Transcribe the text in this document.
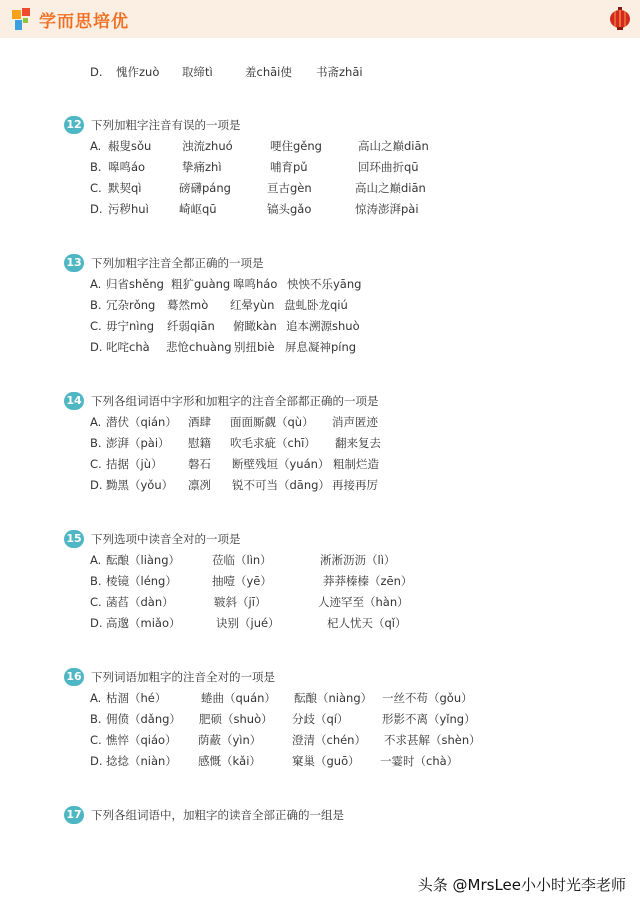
学而思培优
D. 愧作zuò 取缔tì	羞chāi使 书斋zhāi
12 下列加粗字注音有误的一项是
A. 赧叟sǒu	浊流zhuó	哽住gěng	高山之巅diān
B. 嗥鸣áo	挚痛zhì	哺育pǔ	回环曲折qū
C. 默契qì	磅礴páng	亘古gèn	高山之巅diān
D. 污秽huì	崎岖qū	镐头gǎo	惊涛澎湃pài
13 下列加粗字注音全都正确的一项是
A. 归省shěng 粗犷guàng 嗥鸣háo 怏怏不乐yāng
B. 冗杂rǒng 蓦然mò 红晕yùn 盘虬卧龙qiú
C. 毋宁nìng 纤弱qiān 俯瞰kàn 追本溯源shuò
D. 叱咤chà 悲怆chuàng 别扭biè 屏息凝神píng
14 下列各组词语中字形和加粗字的注音全部都正确的一项是
A. 潜伏（qián） 酒肆 面面厮觑（qù） 消声匿迹
B. 澎湃（pài） 慰籍 吹毛求疵（chī） 翻来复去
C. 拮据（jù） 磐石 断壁残垣（yuán） 粗制烂造
D. 黝黑（yǒu） 凛冽 锐不可当（dāng） 再接再厉
15 下列选项中读音全对的一项是
A. 酝酿（liàng）	莅临（lìn）	淅淅沥沥（lì）
B. 棱镜（léng）	抽噎（yē）	莽莽榛榛（zēn）
C. 菡萏（dàn）	皲斜（jī）	人迹罕至（hàn）
D. 高邈（miǎo）	诀别（jué）	杞人忧天（qǐ）
16 下列词语加粗字的注音全对的一项是
A. 枯涸（hé）	蜷曲（quán） 酝酿（niàng） 一丝不苟（gǒu）
B. 佣偾（dǎng） 肥硕（shuò） 分歧（qí）	形影不离（yǐng）
C. 憔悴（qiáo） 荫蔽（yìn）	澄清（chén） 不求甚解（shèn）
D. 捻捻（niàn） 感慨（kǎi）	窠巢（guō） 一霎时（chà）
17 下列各组词语中，加粗字的读音全部正确的一组是
头条 @MrsLee小小时光李老师
